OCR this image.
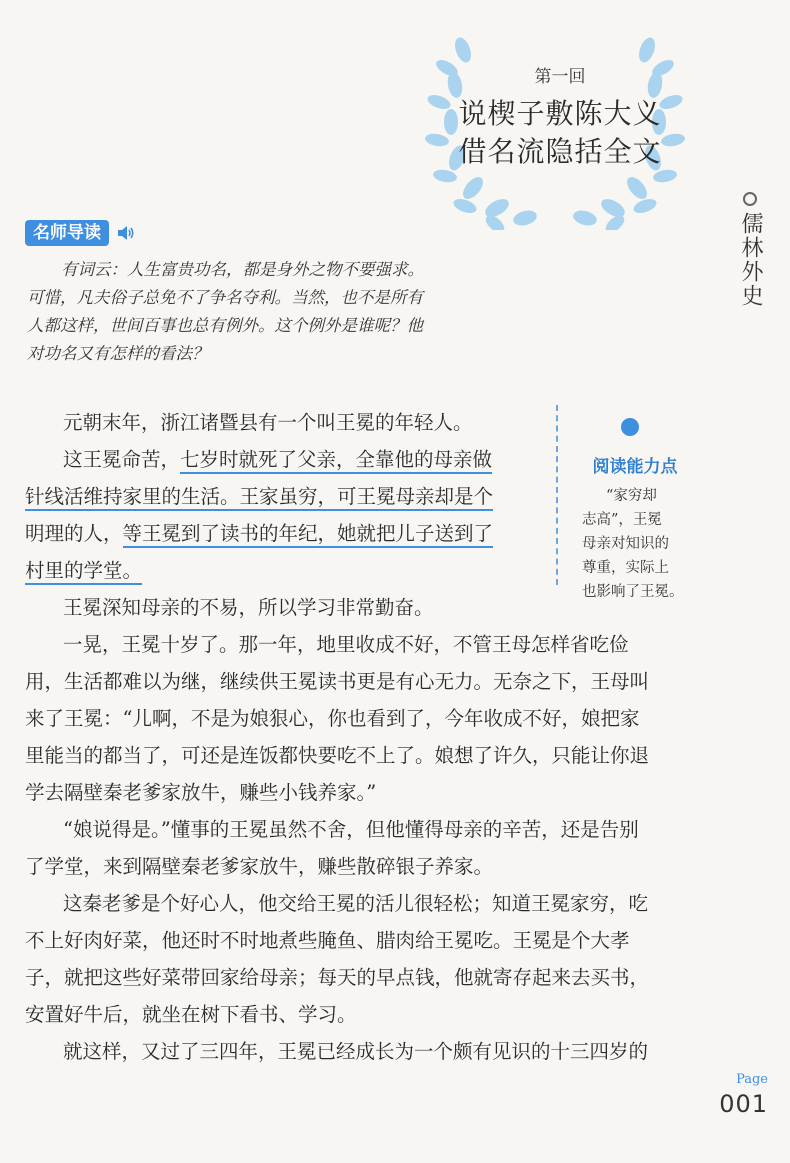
第一回
说楔子敷陈大义
借名流隐括全文
儒林外史
名师导读

有词云：人生富贵功名，都是身外之物不要强求。

可惜，凡夫俗子总免不了争名夺利。当然，也不是所有

人都这样，世间百事也总有例外。这个例外是谁呢？他

对功名又有怎样的看法？

阅读能力点

“家穷却

志高”，王冕

母亲对知识的

尊重，实际上

也影响了王冕。

元朝末年，浙江诸暨县有一个叫王冕的年轻人。
这王冕命苦，七岁时就死了父亲，全靠他的母亲做
针线活维持家里的生活。王家虽穷，可王冕母亲却是个
明理的人，等王冕到了读书的年纪，她就把儿子送到了
村里的学堂。
王冕深知母亲的不易，所以学习非常勤奋。
一晃，王冕十岁了。那一年，地里收成不好，不管王母怎样省吃俭
用，生活都难以为继，继续供王冕读书更是有心无力。无奈之下，王母叫
来了王冕：“儿啊，不是为娘狠心，你也看到了，今年收成不好，娘把家
里能当的都当了，可还是连饭都快要吃不上了。娘想了许久，只能让你退
学去隔壁秦老爹家放牛，赚些小钱养家。”
“娘说得是。”懂事的王冕虽然不舍，但他懂得母亲的辛苦，还是告别
了学堂，来到隔壁秦老爹家放牛，赚些散碎银子养家。
这秦老爹是个好心人，他交给王冕的活儿很轻松；知道王冕家穷，吃
不上好肉好菜，他还时不时地煮些腌鱼、腊肉给王冕吃。王冕是个大孝
子，就把这些好菜带回家给母亲；每天的早点钱，他就寄存起来去买书，
安置好牛后，就坐在树下看书、学习。
就这样，又过了三四年，王冕已经成长为一个颇有见识的十三四岁的
Page
001
